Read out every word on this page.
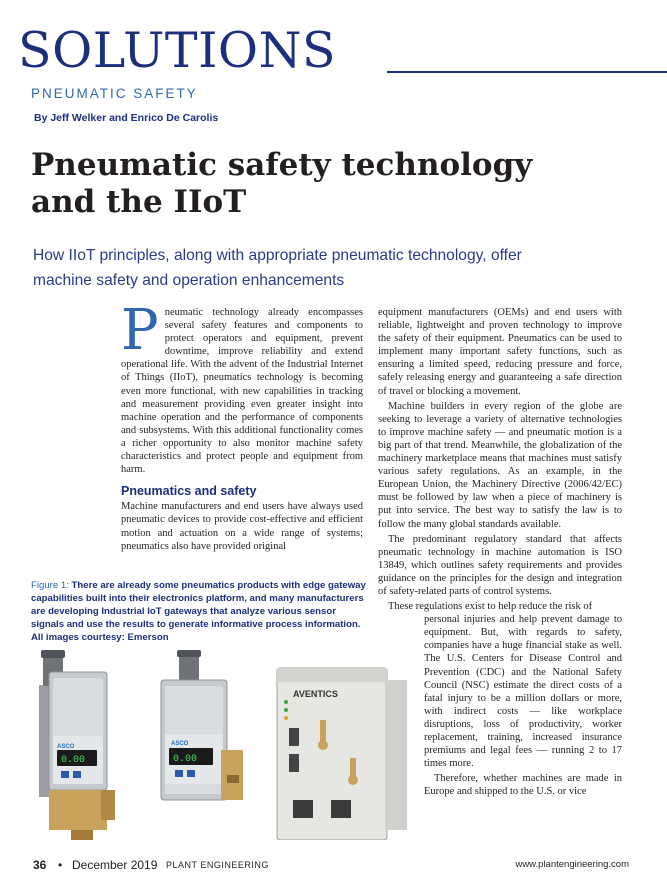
SOLUTIONS
PNEUMATIC SAFETY
By Jeff Welker and Enrico De Carolis
Pneumatic safety technology
and the IIoT
How IIoT principles, along with appropriate pneumatic technology, offer
machine safety and operation enhancements

Pneumatic technology already encompasses several safety features and components to protect operators and equipment, prevent downtime, improve reliability and extend operational life. With the advent of the Industrial Internet of Things (IIoT), pneumatics technology is becoming even more functional, with new capabilities in tracking and measurement providing even greater insight into machine operation and the performance of components and subsystems. With this additional functionality comes a richer opportunity to also monitor machine safety characteristics and protect people and equipment from harm.

Pneumatics and safety

Machine manufacturers and end users have always used pneumatic devices to provide cost-effective and efficient motion and actuation on a wide range of systems; pneumatics also have provided original

equipment manufacturers (OEMs) and end users with reliable, lightweight and proven technology to improve the safety of their equipment. Pneumatics can be used to implement many important safety functions, such as ensuring a limited speed, reducing pressure and force, safely releasing energy and guaranteeing a safe direction of travel or blocking a movement.

Machine builders in every region of the globe are seeking to leverage a variety of alternative technologies to improve machine safety — and pneumatic motion is a big part of that trend. Meanwhile, the globalization of the machinery marketplace means that machines must satisfy various safety regulations. As an example, in the European Union, the Machinery Directive (2006/42/EC) must be followed by law when a piece of machinery is put into service. The best way to satisfy the law is to follow the many global standards available.

The predominant regulatory standard that affects pneumatic technology in machine automation is ISO 13849, which outlines safety requirements and provides guidance on the principles for the design and integration of safety-related parts of control systems.

These regulations exist to help reduce the risk of

personal injuries and help prevent damage to equipment. But, with regards to safety, companies have a huge financial stake as well. The U.S. Centers for Disease Control and Prevention (CDC) and the National Safety Council (NSC) estimate the direct costs of a fatal injury to be a million dollars or more, with indirect costs — like workplace disruptions, loss of productivity, worker replacement, training, increased insurance premiums and legal fees — running 2 to 17 times more.

Therefore, whether machines are made in Europe and shipped to the U.S. or vice

Figure 1: There are already some pneumatics products with edge gateway capabilities built into their electronics platform, and many manufacturers are developing Industrial IoT gateways that analyze various sensor signals and use the results to generate informative process information. All images courtesy: Emerson
ASCO
0.00
ASCO
0.00
AVENTICS
36 • December 2019 PLANT ENGINEERING	www.plantengineering.com
